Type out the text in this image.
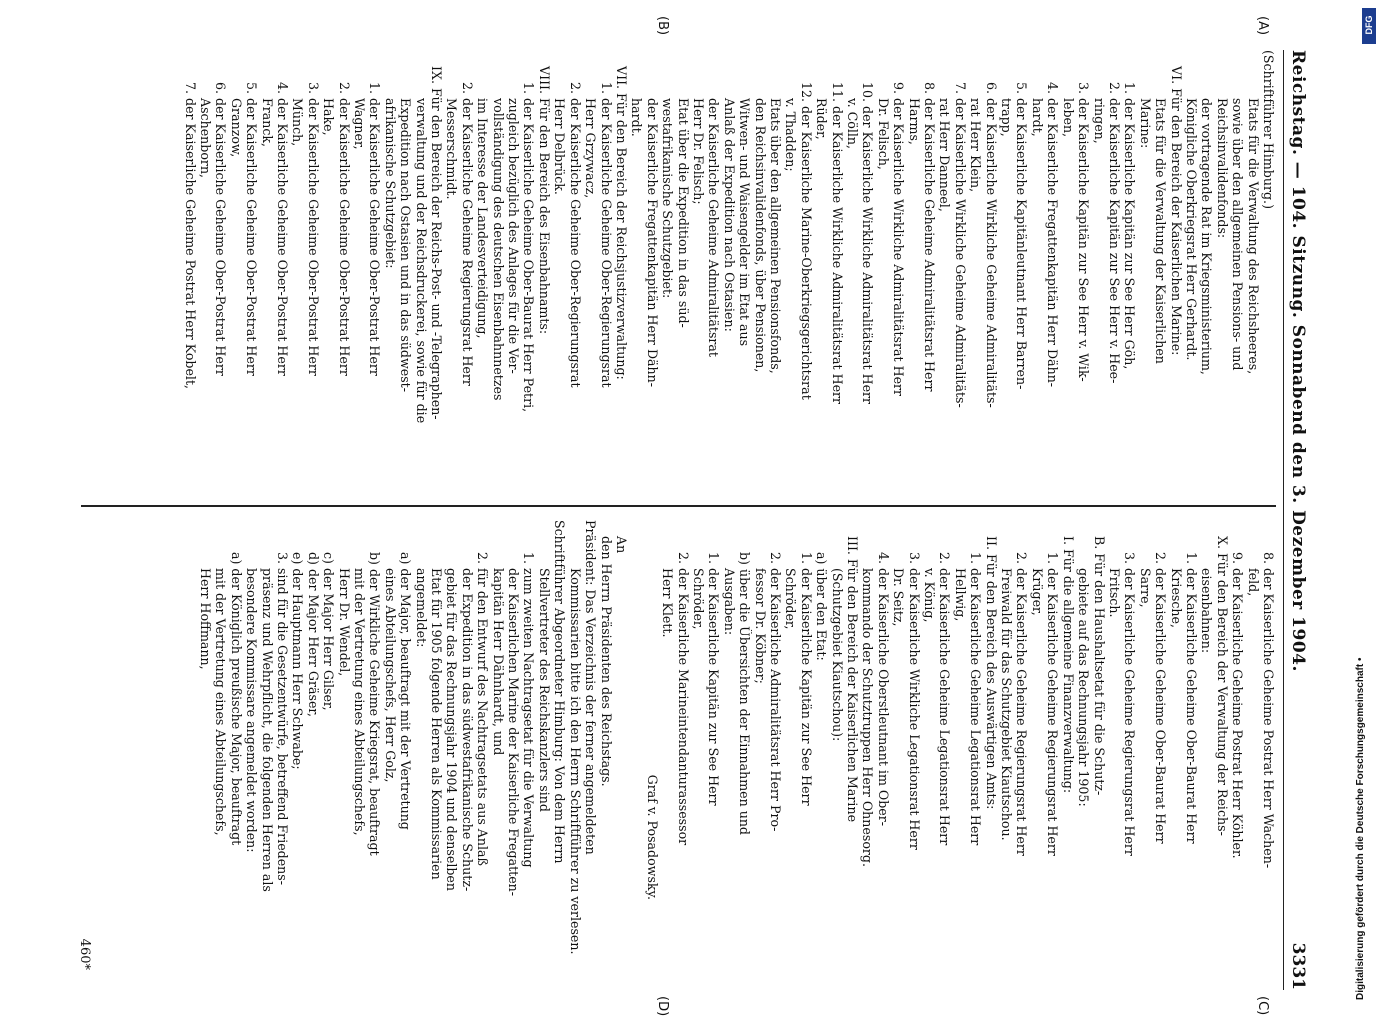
Reichstag. — 104. Sitzung. Sonnabend den 3. Dezember 1904.
3331
(A)
(B)
(C)
(D)
(Schriftführer Himburg.)
Etats für die Verwaltung des Reichsheeres,
sowie über den allgemeinen Pensions- und
Reichsinvalidenfonds:
der vortragende Rat im Kriegsministerium,
Königliche Oberkriegsrat Herr Gerhardt.
VI. Für den Bereich der Kaiserlichen Marine:
Etats für die Verwaltung der Kaiserlichen
Marine:
1. der Kaiserliche Kapitän zur See Herr Göh,
2. der Kaiserliche Kapitän zur See Herr v. Hee-
ringen,
3. der Kaiserliche Kapitän zur See Herr v. Wik-
leben,
4. der Kaiserliche Fregattenkapitän Herr Dähn-
hardt,
5. der Kaiserliche Kapitänleutnant Herr Barren-
trapp,
6. der Kaiserliche Wirkliche Geheime Admiralitäts-
rat Herr Klein,
7. der Kaiserliche Wirkliche Geheime Admiralitäts-
rat Herr Danneel,
8. der Kaiserliche Geheime Admiralitätsrat Herr
Harms,
9. der Kaiserliche Wirkliche Admiralitätsrat Herr
Dr. Felisch,
10. der Kaiserliche Wirkliche Admiralitätsrat Herr
v. Cölln,
11. der Kaiserliche Wirkliche Admiralitätsrat Herr
Rüder,
12. der Kaiserliche Marine-Oberkriegsgerichtsrat
v. Thadden;
Etats über den allgemeinen Pensionsfonds,
den Reichsinvalidenfonds, über Pensionen,
Witwen- und Waisengelder im Etat aus
Anlaß der Expedition nach Ostasien:
der Kaiserliche Geheime Admiralitätsrat
Herr Dr. Felisch;
Etat über die Expedition in das süd-
westafrikanische Schutzgebiet:
der Kaiserliche Fregattenkapitän Herr Dähn-
hardt.
VII. Für den Bereich der Reichsjustizverwaltung:
1. der Kaiserliche Geheime Ober-Regierungsrat
Herr Grzywacz,
2. der Kaiserliche Geheime Ober-Regierungsrat
Herr Delbrück.
VIII. Für den Bereich des Eisenbahnamts:
1. der Kaiserliche Geheime Ober-Baurat Herr Petri,
zugleich bezüglich des Anlages für die Ver-
vollständigung des deutschen Eisenbahnnetzes
im Interesse der Landesverteidigung,
2. der Kaiserliche Geheime Regierungsrat Herr
Messerschmidt.
IX. Für den Bereich der Reichs-Post- und -Telegraphen-
verwaltung und der Reichsdruckerei, sowie für die
Expedition nach Ostasien und in das südwest-
afrikanische Schutzgebiet:
1. der Kaiserliche Geheime Ober-Postrat Herr
Wagner,
2. der Kaiserliche Geheime Ober-Postrat Herr
Hake,
3. der Kaiserliche Geheime Ober-Postrat Herr
Münch,
4. der Kaiserliche Geheime Ober-Postrat Herr
Franck,
5. der Kaiserliche Geheime Ober-Postrat Herr
Granzow,
6. der Kaiserliche Geheime Ober-Postrat Herr
Aschenborn,
7. der Kaiserliche Geheime Postrat Herr Kobelt,
8. der Kaiserliche Geheime Postrat Herr Wachen-
feld,
9. der Kaiserliche Geheime Postrat Herr Köhler.
X. Für den Bereich der Verwaltung der Reichs-
eisenbahnen:
1. der Kaiserliche Geheime Ober-Baurat Herr
Kriesche,
2. der Kaiserliche Geheime Ober-Baurat Herr
Sarre,
3. der Kaiserliche Geheime Regierungsrat Herr
Fritsch.
B. Für den Haushaltsetat für die Schutz-
gebiete auf das Rechnungsjahr 1905:
I. Für die allgemeine Finanzverwaltung:
1. der Kaiserliche Geheime Regierungsrat Herr
Krüger,
2. der Kaiserliche Geheime Regierungsrat Herr
Freiwald für das Schutzgebiet Kiautschou.
II. Für den Bereich des Auswärtigen Amts:
1. der Kaiserliche Geheime Legationsrat Herr
Hellwig,
2. der Kaiserliche Geheime Legationsrat Herr
v. König,
3. der Kaiserliche Wirkliche Legationsrat Herr
Dr. Seitz,
4. der Kaiserliche Oberstleutnant im Ober-
kommando der Schutztruppen Herr Ohnesorg.
III. Für den Bereich der Kaiserlichen Marine
(Schutzgebiet Kiautschou):
a) über den Etat:
1. der Kaiserliche Kapitän zur See Herr
Schröder,
2. der Kaiserliche Admiralitätsrat Herr Pro-
fessor Dr. Köbner;
b) über die Übersichten der Einnahmen und
Ausgaben:
1. der Kaiserliche Kapitän zur See Herr
Schröder,
2. der Kaiserliche Marineintendanturassessor
Herr Klett.
Graf v. Posadowsky.

An
den Herrn Präsidenten des Reichstags.
Präsident: Das Verzeichnis der ferner angemeldeten
Kommissarien bitte ich den Herrn Schriftführer zu verlesen.
Schriftführer Abgeordneter Himburg: Von dem Herrn
Stellvertreter des Reichskanzlers sind
1. zum zweiten Nachtragsetat für die Verwaltung
der Kaiserlichen Marine der Kaiserliche Fregatten-
kapitän Herr Dähnhardt, und
2. für den Entwurf des Nachtragsetats aus Anlaß
der Expedition in das südwestafrikanische Schutz-
gebiet für das Rechnungsjahr 1904 und denselben
Etat für 1905 folgende Herren als Kommissarien
angemeldet:
a) der Major, beauftragt mit der Vertretung
eines Abteilungschefs, Herr Golz,
b) der Wirkliche Geheime Kriegsrat, beauftragt
mit der Vertretung eines Abteilungschefs,
Herr Dr. Wendel,
c) der Major Herr Gilser,
d) der Major Herr Gräser,
e) der Hauptmann Herr Schwabe;
3. sind für die Gesetzentwürfe, betreffend Friedens-
präsenz und Wehrpflicht, die folgenden Herren als
besondere Kommissare angemeldet worden:
a) der Königlich preußische Major, beauftragt
mit der Vertretung eines Abteilungschefs,
Herr Hoffmann,
460*	Digitalisierung gefördert durch die Deutsche Forschungsgemeinschaft •
DFG
